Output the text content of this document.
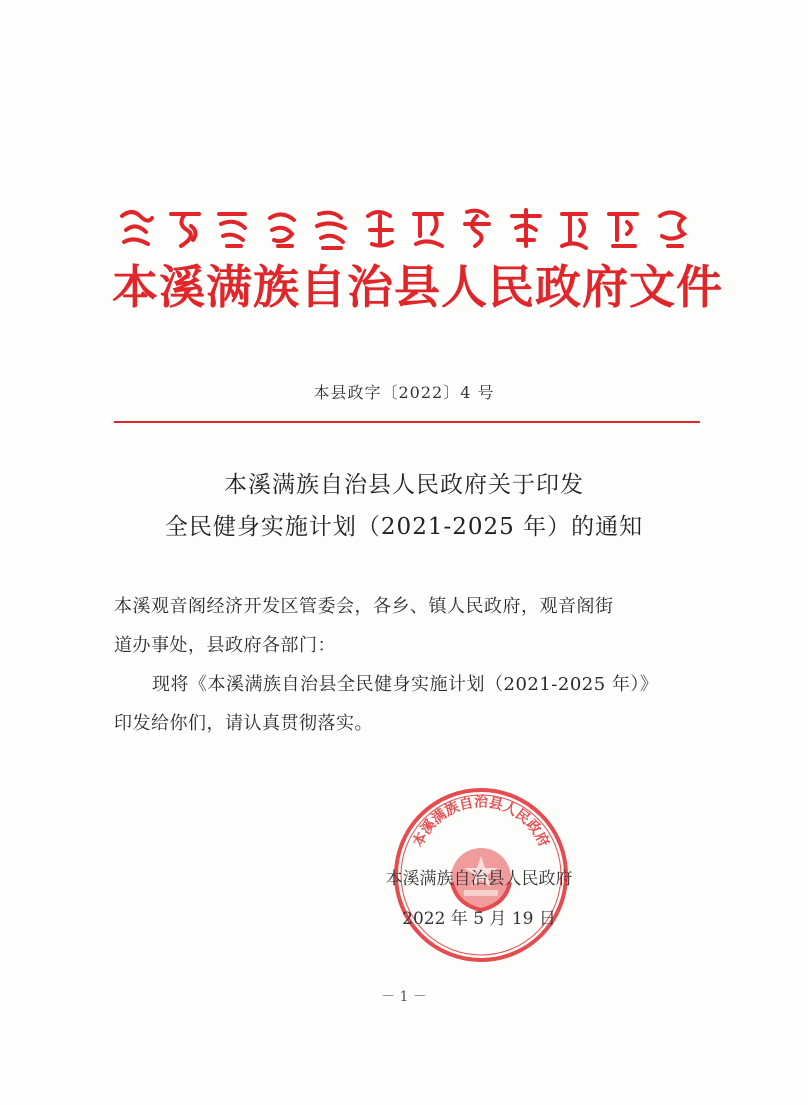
本溪满族自治县人民政府文件
本县政字〔2022〕4 号
本溪满族自治县人民政府关于印发
全民健身实施计划（2021-2025 年）的通知
本溪观音阁经济开发区管委会，各乡、镇人民政府，观音阁街
道办事处，县政府各部门：
现将《本溪满族自治县全民健身实施计划（2021-2025 年）》
印发给你们，请认真贯彻落实。
本溪满族自治县人民政府
本溪满族自治县人民政府
2022 年 5 月 19 日
－ 1 －
